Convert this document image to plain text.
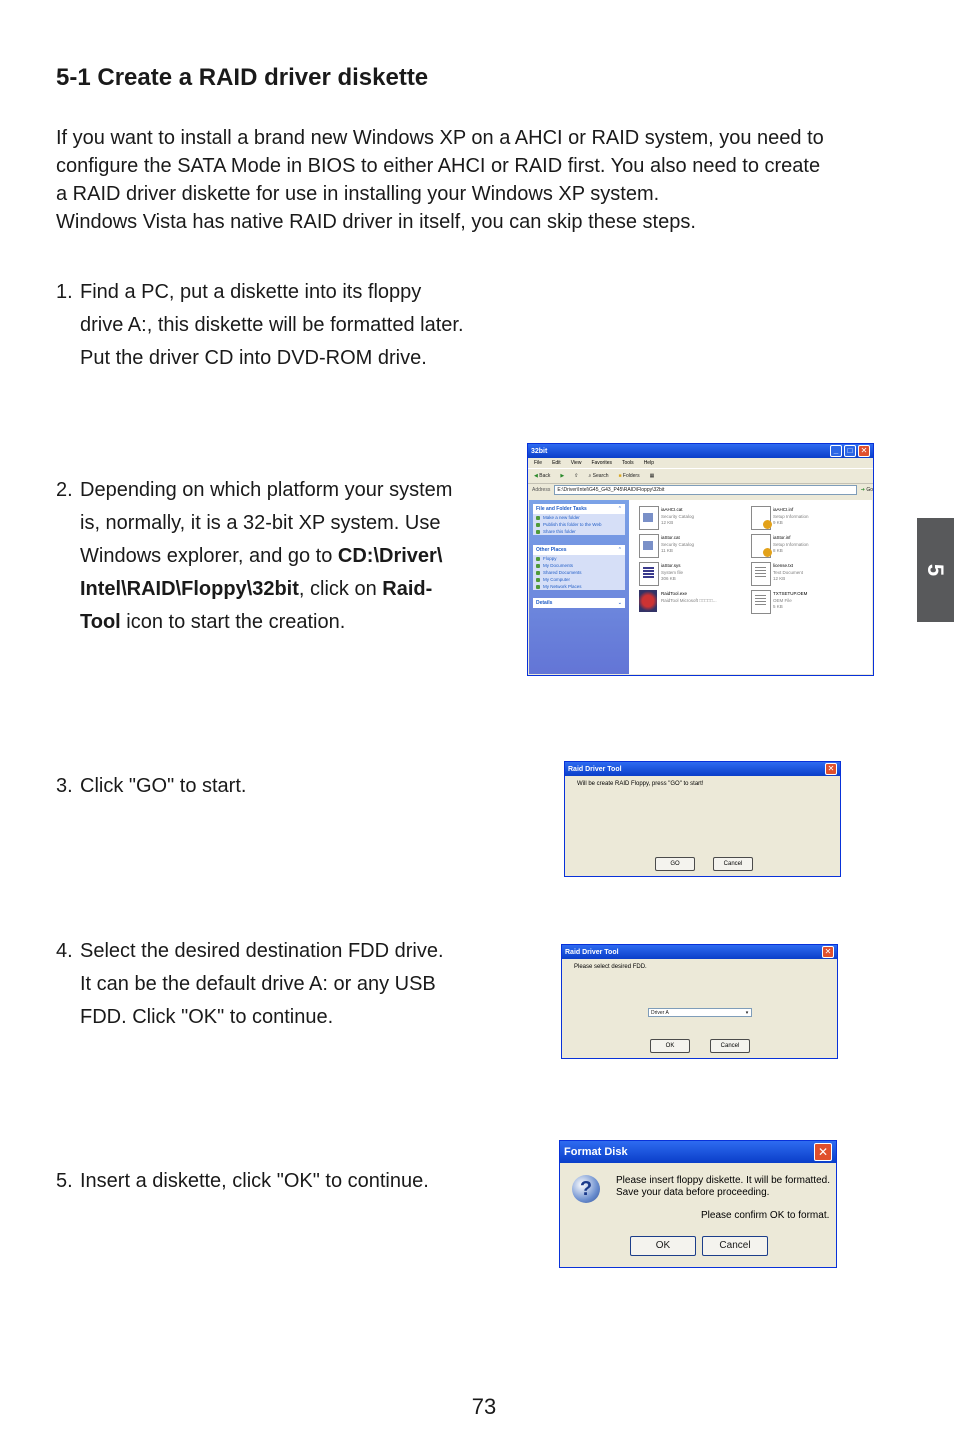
5-1 Create a RAID driver diskette
If you want to install a brand new Windows XP on a AHCI or RAID system, you need to
configure the SATA Mode in BIOS to either AHCI or RAID first. You also need to create
a RAID driver diskette for use in installing your Windows XP system.
Windows Vista has native RAID driver in itself, you can skip these steps.
1. Find a PC, put a diskette into its floppy
drive A:, this diskette will be formatted later.
Put the driver CD into DVD-ROM drive.
2. Depending on which platform your system
is, normally, it is a 32-bit XP system. Use
Windows explorer, and go to CD:\Driver\
Intel\RAID\Floppy\32bit, click on Raid-
Tool icon to start the creation.
3. Click "GO" to start.
4. Select the desired destination FDD drive.
It can be the default drive A: or any USB
FDD. Click "OK" to continue.
5. Insert a diskette, click "OK" to continue.
5
73
32bit	_	□	✕
File Edit View Favorites Tools Help
◀ Back ▶ ⇧ ⌕ Search ■ Folders ▦
Address	E:\Driver\Intel\G45_G43_P45\RAID\Floppy\32bit	➔ Go
File and Folder Tasks	⌃
Make a new folder
Publish this folder to the Web
Share this folder
Other Places	⌃
Floppy
My Documents
Shared Documents
My Computer
My Network Places
Details	⌄
iaAHCI.cat
Security Catalog
12 KB
iaAHCI.inf
Setup Information
9 KB
iaStor.cat
Security Catalog
11 KB
iaStor.inf
Setup Information
8 KB
iaStor.sys
System file
306 KB
license.txt
Text Document
12 KB
RaidTool.exe
RaidTool Microsoft □□□□□...
TXTSETUP.OEM
OEM File
5 KB
Raid Driver Tool	✕
Will be create RAID Floppy, press "GO" to start!
GO	Cancel
Raid Driver Tool	✕
Please select desired FDD.
Driver A	▾
OK	Cancel
Format Disk	✕
?	Please insert floppy diskette. It will be formatted.
Save your data before proceeding.
Please confirm OK to format.
OK	Cancel
